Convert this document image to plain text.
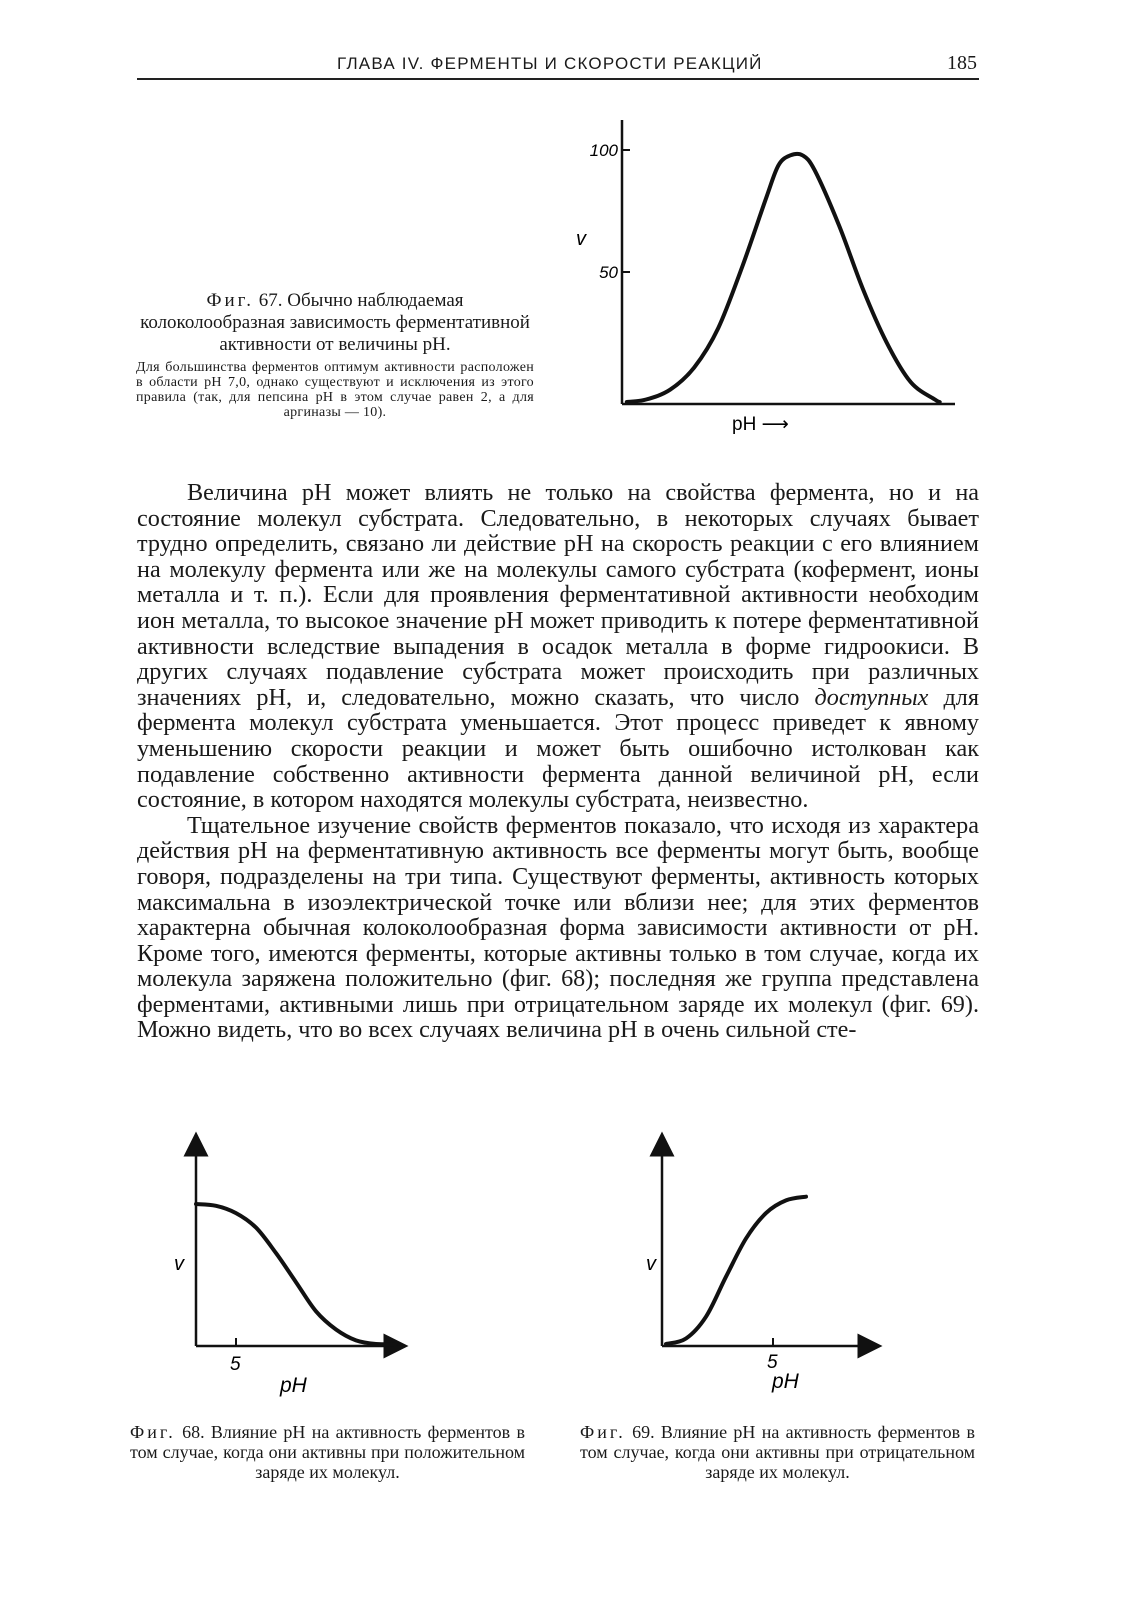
ГЛАВА IV. ФЕРМЕНТЫ И СКОРОСТИ РЕАКЦИЙ	185
100
50
v
pH ⟶

Фиг. 67. Обычно наблюдаемая колоколообразная зависимость ферментативной активности от величины pH.

Для большинства ферментов оптимум активности расположен в области pH 7,0, однако существуют и исключения из этого правила (так, для пепсина pH в этом случае равен 2, а для аргиназы — 10).

Величина pH может влиять не только на свойства фермента, но и на состояние молекул субстрата. Следовательно, в некоторых случаях бывает трудно определить, связано ли действие pH на скорость реакции с его влиянием на молекулу фермента или же на молекулы самого субстрата (кофермент, ионы металла и т. п.). Если для проявления ферментативной активности необходим ион металла, то высокое значение pH может приводить к потере ферментативной активности вследствие выпадения в осадок металла в форме гидроокиси. В других случаях подавление субстрата может происходить при различных значениях pH, и, следовательно, можно сказать, что число доступных для фермента молекул субстрата уменьшается. Этот процесс приведет к явному уменьшению скорости реакции и может быть ошибочно истолкован как подавление собственно активности фермента данной величиной pH, если состояние, в котором находятся молекулы субстрата, неизвестно.

Тщательное изучение свойств ферментов показало, что исходя из характера действия pH на ферментативную активность все ферменты могут быть, вообще говоря, подразделены на три типа. Существуют ферменты, активность которых максимальна в изоэлектрической точке или вблизи нее; для этих ферментов характерна обычная колоколообразная форма зависимости активности от pH. Кроме того, имеются ферменты, которые активны только в том случае, когда их молекула заряжена положительно (фиг. 68); последняя же группа представлена ферментами, активными лишь при отрицательном заряде их молекул (фиг. 69). Можно видеть, что во всех случаях величина pH в очень сильной сте-

5
v
pH
5
v
pH

Фиг. 68. Влияние pH на активность ферментов в том случае, когда они активны при положительном заряде их молекул.

Фиг. 69. Влияние pH на активность ферментов в том случае, когда они активны при отрицательном заряде их молекул.
